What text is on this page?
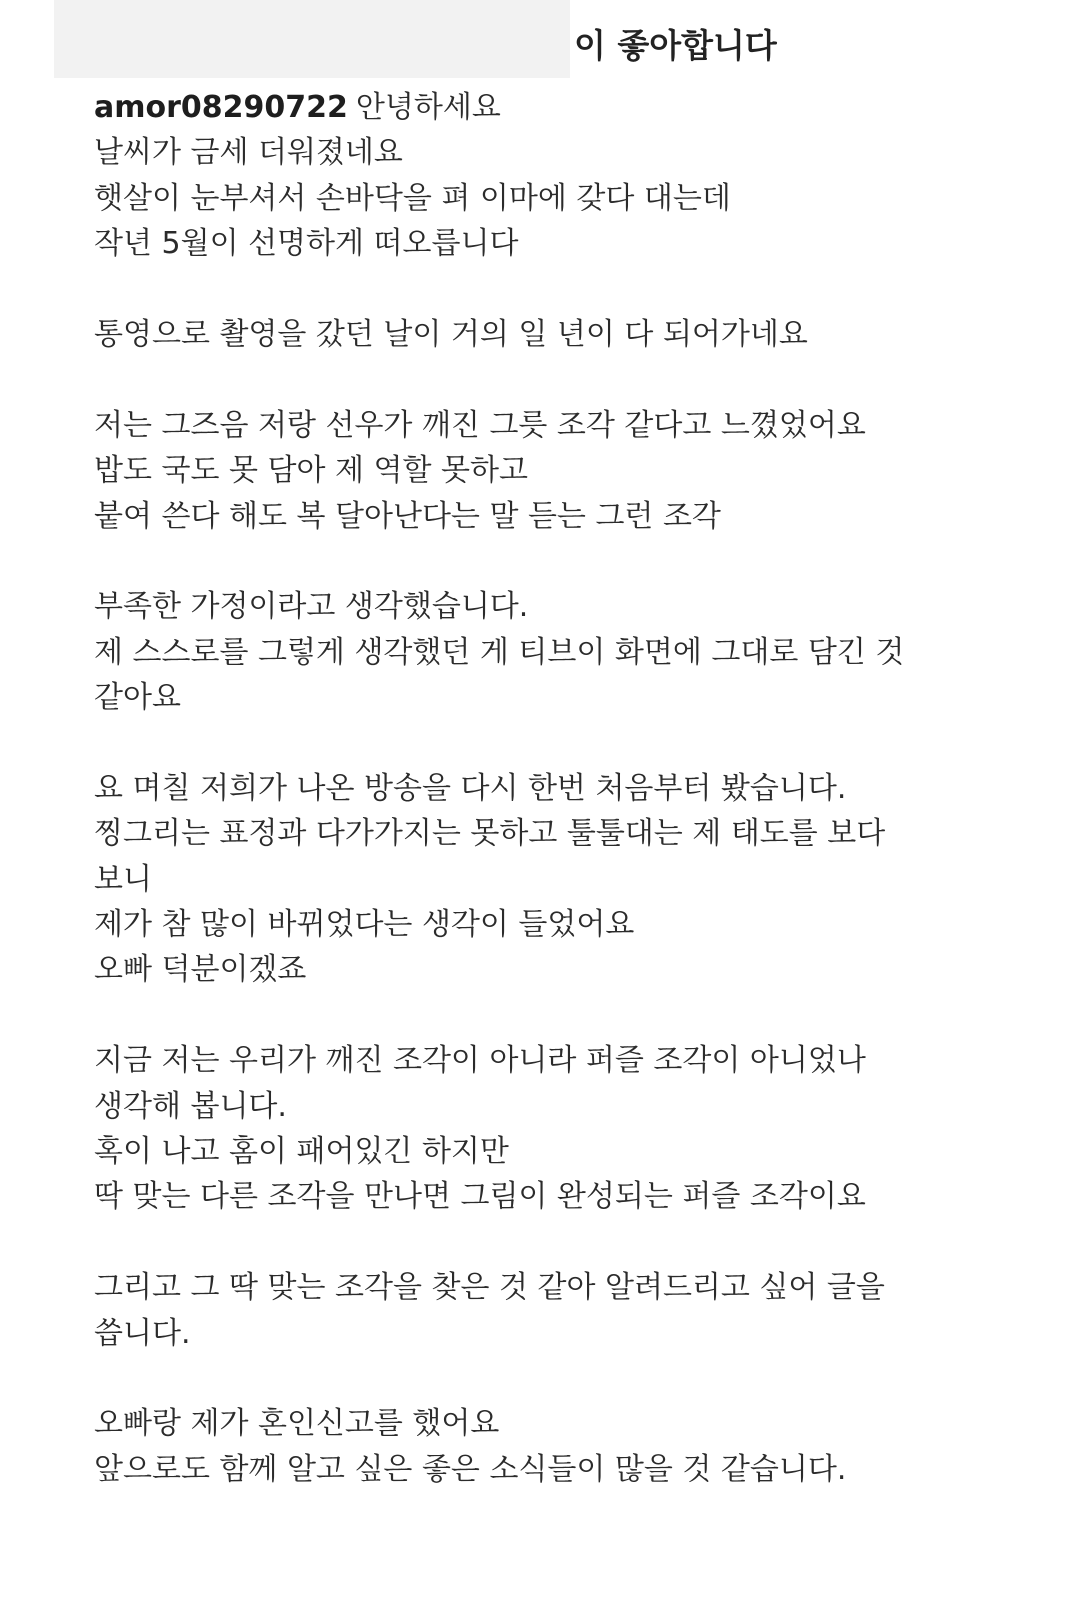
이 좋아합니다
amor08290722 안녕하세요
날씨가 금세 더워졌네요
햇살이 눈부셔서 손바닥을 펴 이마에 갖다 대는데
작년 5월이 선명하게 떠오릅니다
통영으로 촬영을 갔던 날이 거의 일 년이 다 되어가네요
저는 그즈음 저랑 선우가 깨진 그릇 조각 같다고 느꼈었어요
밥도 국도 못 담아 제 역할 못하고
붙여 쓴다 해도 복 달아난다는 말 듣는 그런 조각
부족한 가정이라고 생각했습니다.
제 스스로를 그렇게 생각했던 게 티브이 화면에 그대로 담긴 것
같아요
요 며칠 저희가 나온 방송을 다시 한번 처음부터 봤습니다.
찡그리는 표정과 다가가지는 못하고 툴툴대는 제 태도를 보다
보니
제가 참 많이 바뀌었다는 생각이 들었어요
오빠 덕분이겠죠
지금 저는 우리가 깨진 조각이 아니라 퍼즐 조각이 아니었나
생각해 봅니다.
혹이 나고 홈이 패어있긴 하지만
딱 맞는 다른 조각을 만나면 그림이 완성되는 퍼즐 조각이요
그리고 그 딱 맞는 조각을 찾은 것 같아 알려드리고 싶어 글을
씁니다.
오빠랑 제가 혼인신고를 했어요
앞으로도 함께 알고 싶은 좋은 소식들이 많을 것 같습니다.
